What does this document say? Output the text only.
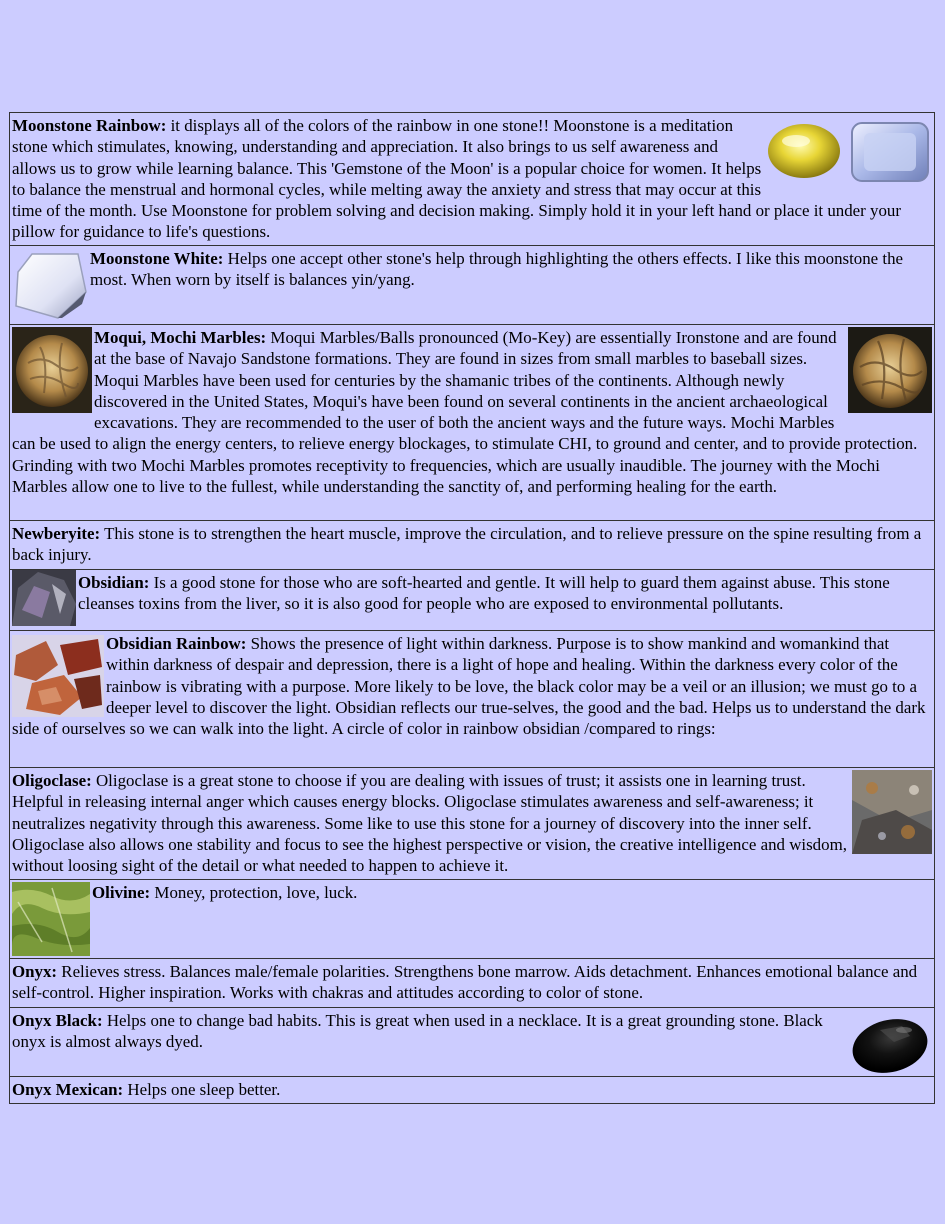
Moonstone Rainbow: it displays all of the colors of the rainbow in one stone!! Moonstone is a meditation stone which stimulates, knowing, understanding and appreciation. It also brings to us self awareness and allows us to grow while learning balance. This 'Gemstone of the Moon' is a popular choice for women. It helps to balance the menstrual and hormonal cycles, while melting away the anxiety and stress that may occur at this time of the month. Use Moonstone for problem solving and decision making. Simply hold it in your left hand or place it under your pillow for guidance to life's questions.

Moonstone White: Helps one accept other stone's help through highlighting the others effects. I like this moonstone the most. When worn by itself is balances yin/yang.

Moqui, Mochi Marbles: Moqui Marbles/Balls pronounced (Mo-Key) are essentially Ironstone and are found at the base of Navajo Sandstone formations. They are found in sizes from small marbles to baseball sizes. Moqui Marbles have been used for centuries by the shamanic tribes of the continents. Although newly discovered in the United States, Moqui's have been found on several continents in the ancient archaeological excavations. They are recommended to the user of both the ancient ways and the future ways. Mochi Marbles can be used to align the energy centers, to relieve energy blockages, to stimulate CHI, to ground and center, and to provide protection. Grinding with two Mochi Marbles promotes receptivity to frequencies, which are usually inaudible. The journey with the Mochi Marbles allow one to live to the fullest, while understanding the sanctity of, and performing healing for the earth.

Newberyite: This stone is to strengthen the heart muscle, improve the circulation, and to relieve pressure on the spine resulting from a back injury.

Obsidian: Is a good stone for those who are soft-hearted and gentle. It will help to guard them against abuse. This stone cleanses toxins from the liver, so it is also good for people who are exposed to environmental pollutants.

Obsidian Rainbow: Shows the presence of light within darkness. Purpose is to show mankind and womankind that within darkness of despair and depression, there is a light of hope and healing. Within the darkness every color of the rainbow is vibrating with a purpose. More likely to be love, the black color may be a veil or an illusion; we must go to a deeper level to discover the light. Obsidian reflects our true-selves, the good and the bad. Helps us to understand the dark side of ourselves so we can walk into the light. A circle of color in rainbow obsidian /compared to rings:

Oligoclase: Oligoclase is a great stone to choose if you are dealing with issues of trust; it assists one in learning trust. Helpful in releasing internal anger which causes energy blocks. Oligoclase stimulates awareness and self-awareness; it neutralizes negativity through this awareness. Some like to use this stone for a journey of discovery into the inner self. Oligoclase also allows one stability and focus to see the highest perspective or vision, the creative intelligence and wisdom, without loosing sight of the detail or what needed to happen to achieve it.

Olivine: Money, protection, love, luck.

Onyx: Relieves stress. Balances male/female polarities. Strengthens bone marrow. Aids detachment. Enhances emotional balance and self-control. Higher inspiration. Works with chakras and attitudes according to color of stone.

Onyx Black: Helps one to change bad habits. This is great when used in a necklace. It is a great grounding stone. Black onyx is almost always dyed.

Onyx Mexican: Helps one sleep better.
